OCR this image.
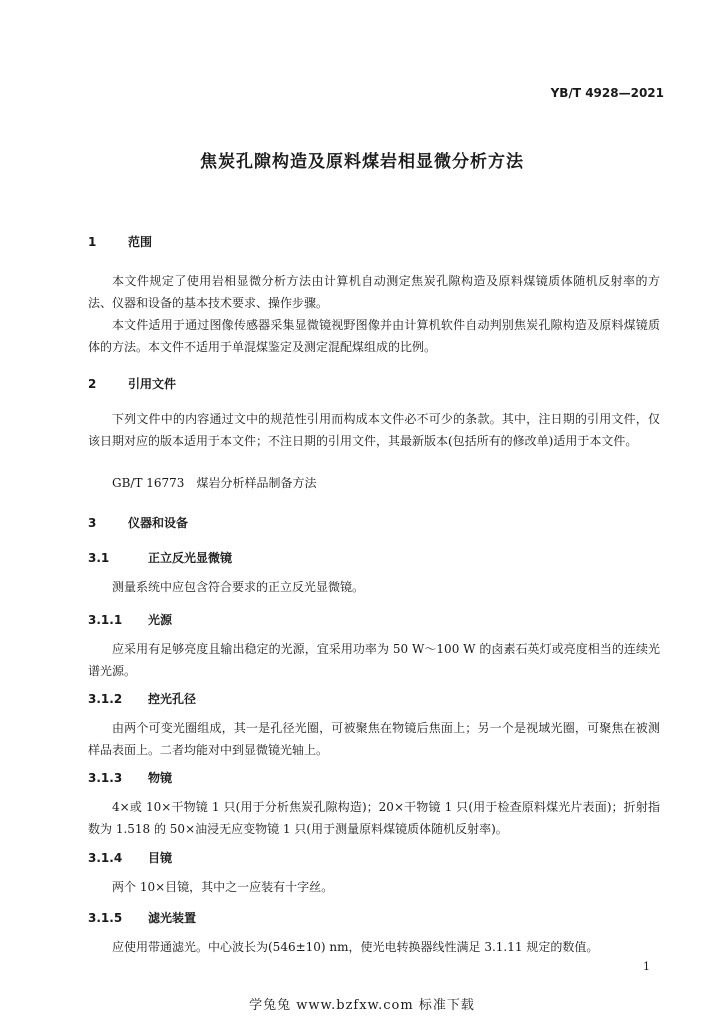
YB/T 4928—2021
焦炭孔隙构造及原料煤岩相显微分析方法
1	范围

本文件规定了使用岩相显微分析方法由计算机自动测定焦炭孔隙构造及原料煤镜质体随机反射率的方法、仪器和设备的基本技术要求、操作步骤。

本文件适用于通过图像传感器采集显微镜视野图像并由计算机软件自动判别焦炭孔隙构造及原料煤镜质体的方法。本文件不适用于单混煤鉴定及测定混配煤组成的比例。

2	引用文件

下列文件中的内容通过文中的规范性引用而构成本文件必不可少的条款。其中，注日期的引用文件，仅该日期对应的版本适用于本文件；不注日期的引用文件，其最新版本(包括所有的修改单)适用于本文件。

GB/T 16773　煤岩分析样品制备方法

3	仪器和设备
3.1	正立反光显微镜

测量系统中应包含符合要求的正立反光显微镜。

3.1.1 光源

应采用有足够亮度且输出稳定的光源，宜采用功率为 50 W～100 W 的卤素石英灯或亮度相当的连续光谱光源。

3.1.2 控光孔径

由两个可变光圈组成，其一是孔径光圈，可被聚焦在物镜后焦面上；另一个是视域光圈，可聚焦在被测样品表面上。二者均能对中到显微镜光轴上。

3.1.3 物镜

4×或 10×干物镜 1 只(用于分析焦炭孔隙构造)；20×干物镜 1 只(用于检查原料煤光片表面)；折射指数为 1.518 的 50×油浸无应变物镜 1 只(用于测量原料煤镜质体随机反射率)。

3.1.4 目镜

两个 10×目镜，其中之一应装有十字丝。

3.1.5 滤光装置

应使用带通滤光。中心波长为(546±10) nm，使光电转换器线性满足 3.1.11 规定的数值。

1
学兔兔 www.bzfxw.com 标准下载
